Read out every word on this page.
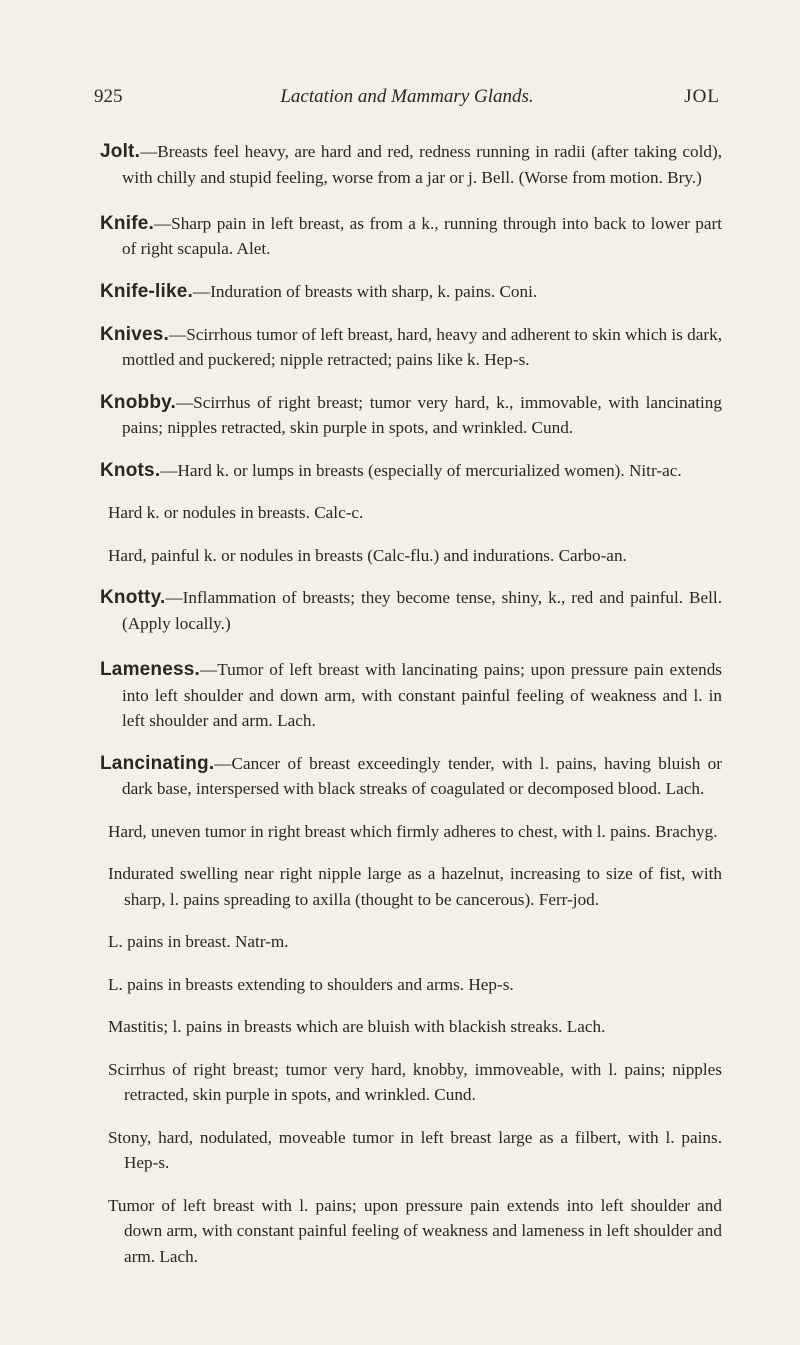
925	Lactation and Mammary Glands.	JOL

Jolt.—Breasts feel heavy, are hard and red, redness running in radii (after taking cold), with chilly and stupid feeling, worse from a jar or j. Bell. (Worse from motion. Bry.)

Knife.—Sharp pain in left breast, as from a k., running through into back to lower part of right scapula. Alet.

Knife-like.—Induration of breasts with sharp, k. pains. Coni.

Knives.—Scirrhous tumor of left breast, hard, heavy and adherent to skin which is dark, mottled and puckered; nipple retracted; pains like k. Hep-s.

Knobby.—Scirrhus of right breast; tumor very hard, k., immovable, with lancinating pains; nipples retracted, skin purple in spots, and wrinkled. Cund.

Knots.—Hard k. or lumps in breasts (especially of mercurialized women). Nitr-ac.

Hard k. or nodules in breasts. Calc-c.

Hard, painful k. or nodules in breasts (Calc-flu.) and indurations. Carbo-an.

Knotty.—Inflammation of breasts; they become tense, shiny, k., red and painful. Bell. (Apply locally.)

Lameness.—Tumor of left breast with lancinating pains; upon pressure pain extends into left shoulder and down arm, with constant painful feeling of weakness and l. in left shoulder and arm. Lach.

Lancinating.—Cancer of breast exceedingly tender, with l. pains, having bluish or dark base, interspersed with black streaks of coagulated or decomposed blood. Lach.

Hard, uneven tumor in right breast which firmly adheres to chest, with l. pains. Brachyg.

Indurated swelling near right nipple large as a hazelnut, increasing to size of fist, with sharp, l. pains spreading to axilla (thought to be cancerous). Ferr-jod.

L. pains in breast. Natr-m.

L. pains in breasts extending to shoulders and arms. Hep-s.

Mastitis; l. pains in breasts which are bluish with blackish streaks. Lach.

Scirrhus of right breast; tumor very hard, knobby, immoveable, with l. pains; nipples retracted, skin purple in spots, and wrinkled. Cund.

Stony, hard, nodulated, moveable tumor in left breast large as a filbert, with l. pains. Hep-s.

Tumor of left breast with l. pains; upon pressure pain extends into left shoulder and down arm, with constant painful feeling of weakness and lameness in left shoulder and arm. Lach.
